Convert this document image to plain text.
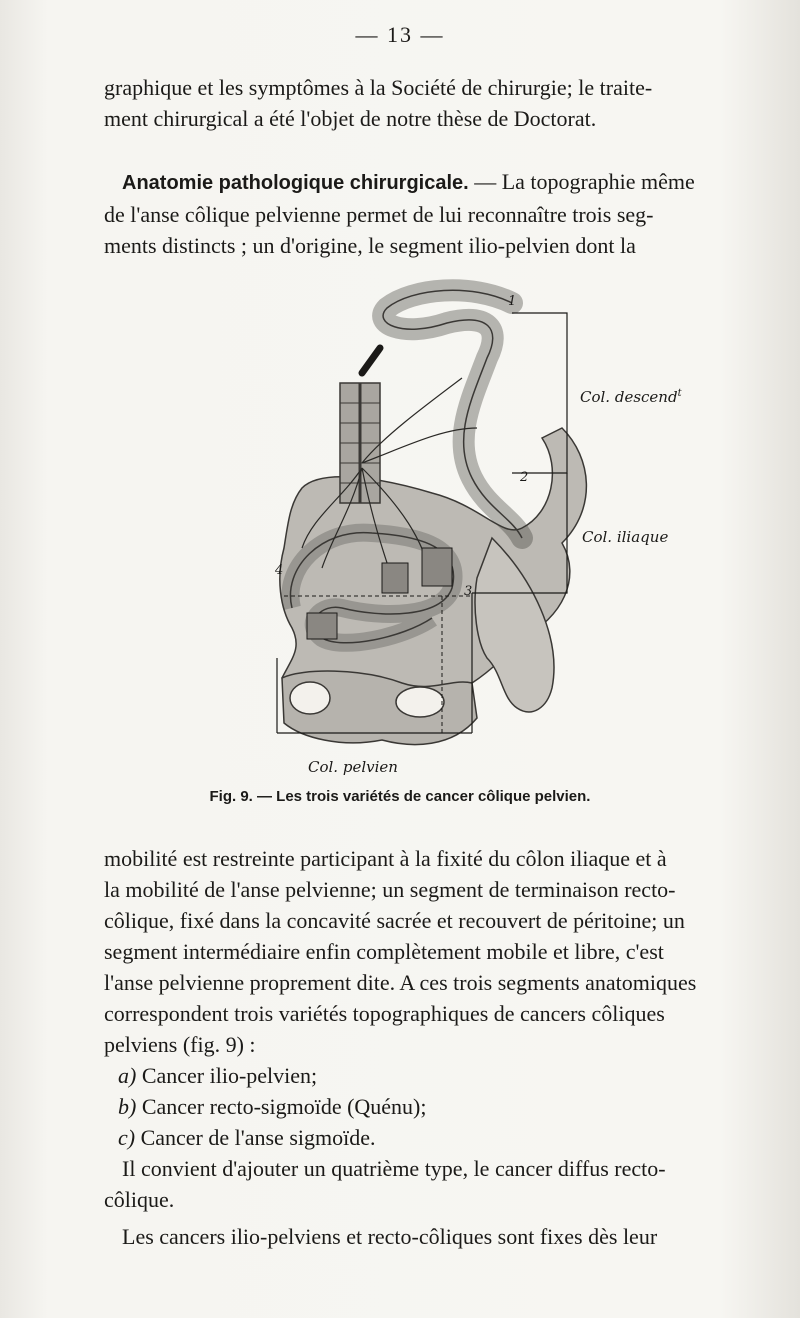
— 13 —

graphique et les symptômes à la Société de chirurgie; le traite-

ment chirurgical a été l'objet de notre thèse de Doctorat.

Anatomie pathologique chirurgicale. — La topographie même

de l'anse côlique pelvienne permet de lui reconnaître trois seg-

ments distincts ; un d'origine, le segment ilio-pelvien dont la

1
2
3
4
Col. descend$^t$
Col. iliaque
Col. pelvien
Fig. 9. — Les trois variétés de cancer côlique pelvien.

mobilité est restreinte participant à la fixité du côlon iliaque et à

la mobilité de l'anse pelvienne; un segment de terminaison recto-

côlique, fixé dans la concavité sacrée et recouvert de péritoine; un

segment intermédiaire enfin complètement mobile et libre, c'est

l'anse pelvienne proprement dite. A ces trois segments anatomiques

correspondent trois variétés topographiques de cancers côliques

pelviens (fig. 9) :

a) Cancer ilio-pelvien;

b) Cancer recto-sigmoïde (Quénu);

c) Cancer de l'anse sigmoïde.

Il convient d'ajouter un quatrième type, le cancer diffus recto-

côlique.

Les cancers ilio-pelviens et recto-côliques sont fixes dès leur
